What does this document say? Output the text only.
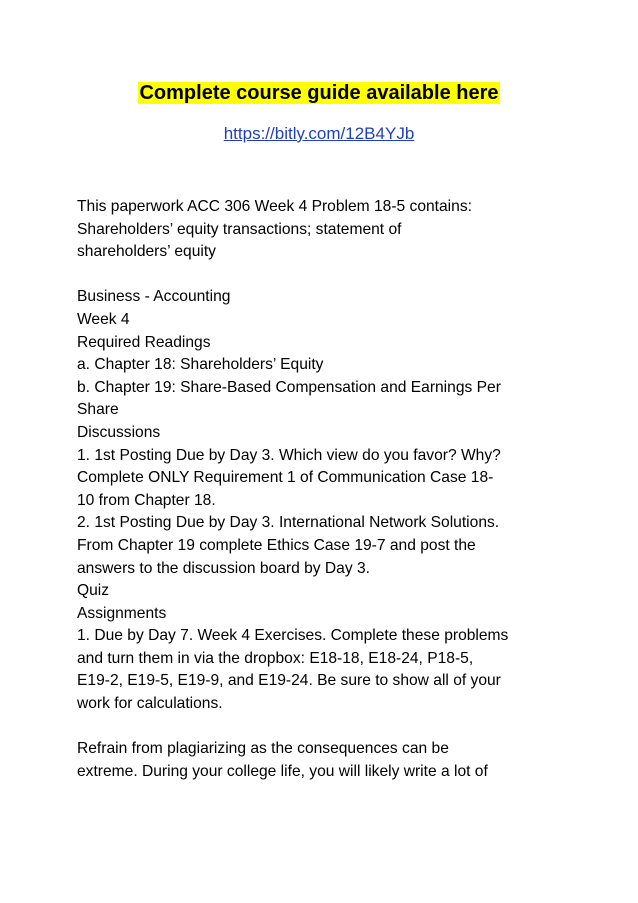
Complete course guide available here
https://bitly.com/12B4YJb
This paperwork ACC 306 Week 4 Problem 18-5 contains:
Shareholders’ equity transactions; statement of
shareholders’ equity
Business - Accounting
Week 4
Required Readings
a. Chapter 18: Shareholders’ Equity
b. Chapter 19: Share-Based Compensation and Earnings Per
Share
Discussions
1. 1st Posting Due by Day 3. Which view do you favor? Why?
Complete ONLY Requirement 1 of Communication Case 18-
10 from Chapter 18.
2. 1st Posting Due by Day 3. International Network Solutions.
From Chapter 19 complete Ethics Case 19-7 and post the
answers to the discussion board by Day 3.
Quiz
Assignments
1. Due by Day 7. Week 4 Exercises. Complete these problems
and turn them in via the dropbox: E18-18, E18-24, P18-5,
E19-2, E19-5, E19-9, and E19-24. Be sure to show all of your
work for calculations.
Refrain from plagiarizing as the consequences can be
extreme. During your college life, you will likely write a lot of
